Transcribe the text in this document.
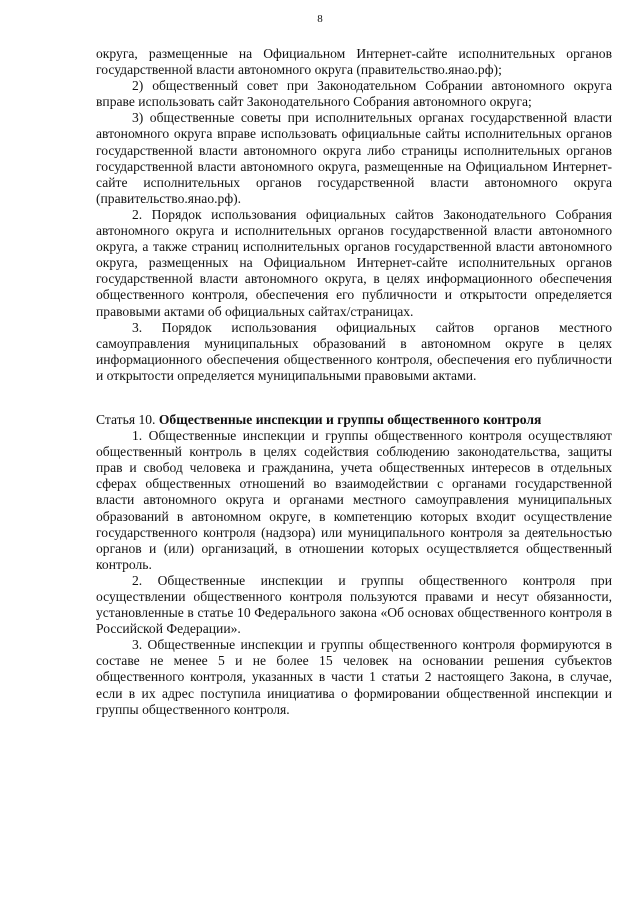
8

округа, размещенные на Официальном Интернет-сайте исполнительных органов государственной власти автономного округа (правительство.янао.рф);

2) общественный совет при Законодательном Собрании автономного округа вправе использовать сайт Законодательного Собрания автономного округа;

3) общественные советы при исполнительных органах государственной власти автономного округа вправе использовать официальные сайты исполнительных органов государственной власти автономного округа либо страницы исполнительных органов государственной власти автономного округа, размещенные на Официальном Интернет-сайте исполнительных органов государственной власти автономного округа (правительство.янао.рф).

2. Порядок использования официальных сайтов Законодательного Собрания автономного округа и исполнительных органов государственной власти автономного округа, а также страниц исполнительных органов государственной власти автономного округа, размещенных на Официальном Интернет-сайте исполнительных органов государственной власти автономного округа, в целях информационного обеспечения общественного контроля, обеспечения его публичности и открытости определяется правовыми актами об официальных сайтах/страницах.

3. Порядок использования официальных сайтов органов местного самоуправления муниципальных образований в автономном округе в целях информационного обеспечения общественного контроля, обеспечения его публичности и открытости определяется муниципальными правовыми актами.

Статья 10. Общественные инспекции и группы общественного контроля

1. Общественные инспекции и группы общественного контроля осуществляют общественный контроль в целях содействия соблюдению законодательства, защиты прав и свобод человека и гражданина, учета общественных интересов в отдельных сферах общественных отношений во взаимодействии с органами государственной власти автономного округа и органами местного самоуправления муниципальных образований в автономном округе, в компетенцию которых входит осуществление государственного контроля (надзора) или муниципального контроля за деятельностью органов и (или) организаций, в отношении которых осуществляется общественный контроль.

2. Общественные инспекции и группы общественного контроля при осуществлении общественного контроля пользуются правами и несут обязанности, установленные в статье 10 Федерального закона «Об основах общественного контроля в Российской Федерации».

3. Общественные инспекции и группы общественного контроля формируются в составе не менее 5 и не более 15 человек на основании решения субъектов общественного контроля, указанных в части 1 статьи 2 настоящего Закона, в случае, если в их адрес поступила инициатива о формировании общественной инспекции и группы общественного контроля.
